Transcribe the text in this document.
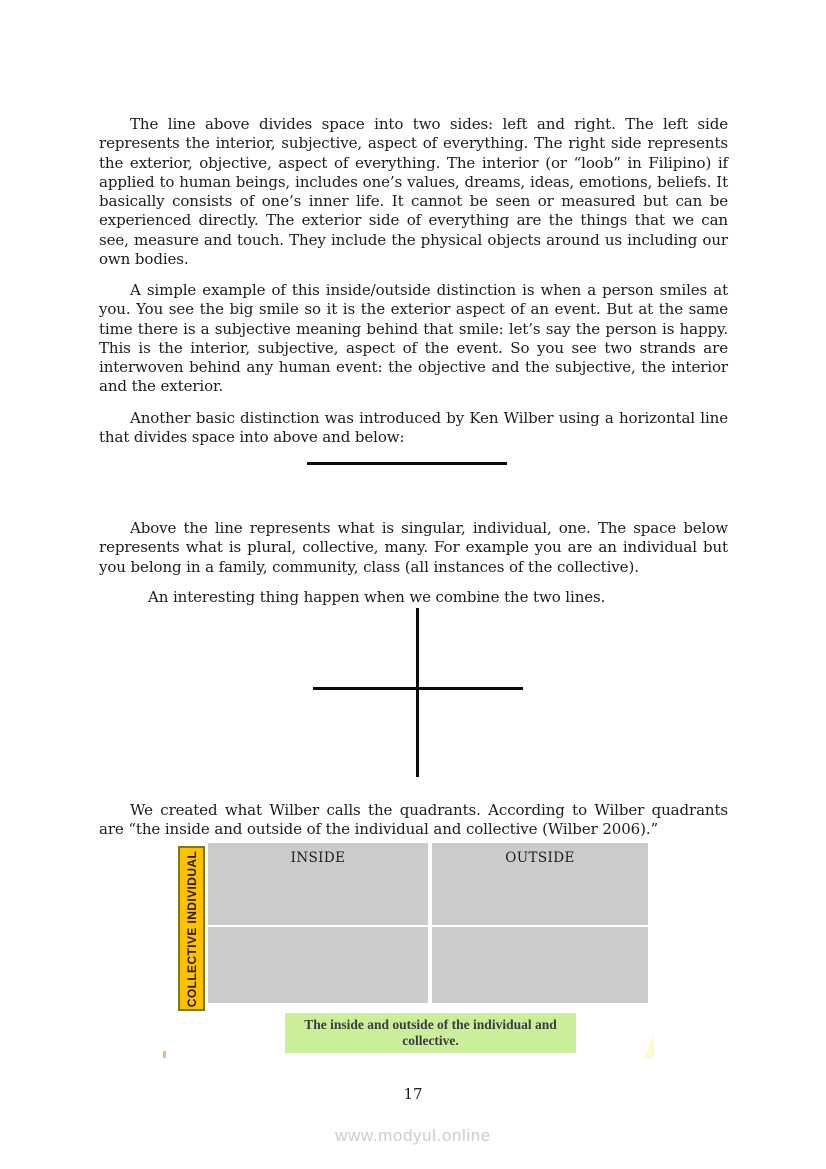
The line above divides space into two sides: left and right. The left side represents the interior, subjective, aspect of everything. The right side represents the exterior, objective, aspect of everything. The interior (or “loob” in Filipino) if applied to human beings, includes one’s values, dreams, ideas, emotions, beliefs. It basically consists of one’s inner life. It cannot be seen or measured but can be experienced directly. The exterior side of everything are the things that we can see, measure and touch. They include the physical objects around us including our own bodies.

A simple example of this inside/outside distinction is when a person smiles at you. You see the big smile so it is the exterior aspect of an event. But at the same time there is a subjective meaning behind that smile: let’s say the person is happy. This is the interior, subjective, aspect of the event. So you see two strands are interwoven behind any human event: the objective and the subjective, the interior and the exterior.

Another basic distinction was introduced by Ken Wilber using a horizontal line that divides space into above and below:

Above the line represents what is singular, individual, one. The space below represents what is plural, collective, many. For example you are an individual but you belong in a family, community, class (all instances of the collective).

An interesting thing happen when we combine the two lines.

We created what Wilber calls the quadrants. According to Wilber quadrants are “the inside and outside of the individual and collective (Wilber 2006).”

COLLECTIVE INDIVIDUAL	INSIDE	OUTSIDE
The inside and outside of the individual and collective.
17
www.modyul.online
